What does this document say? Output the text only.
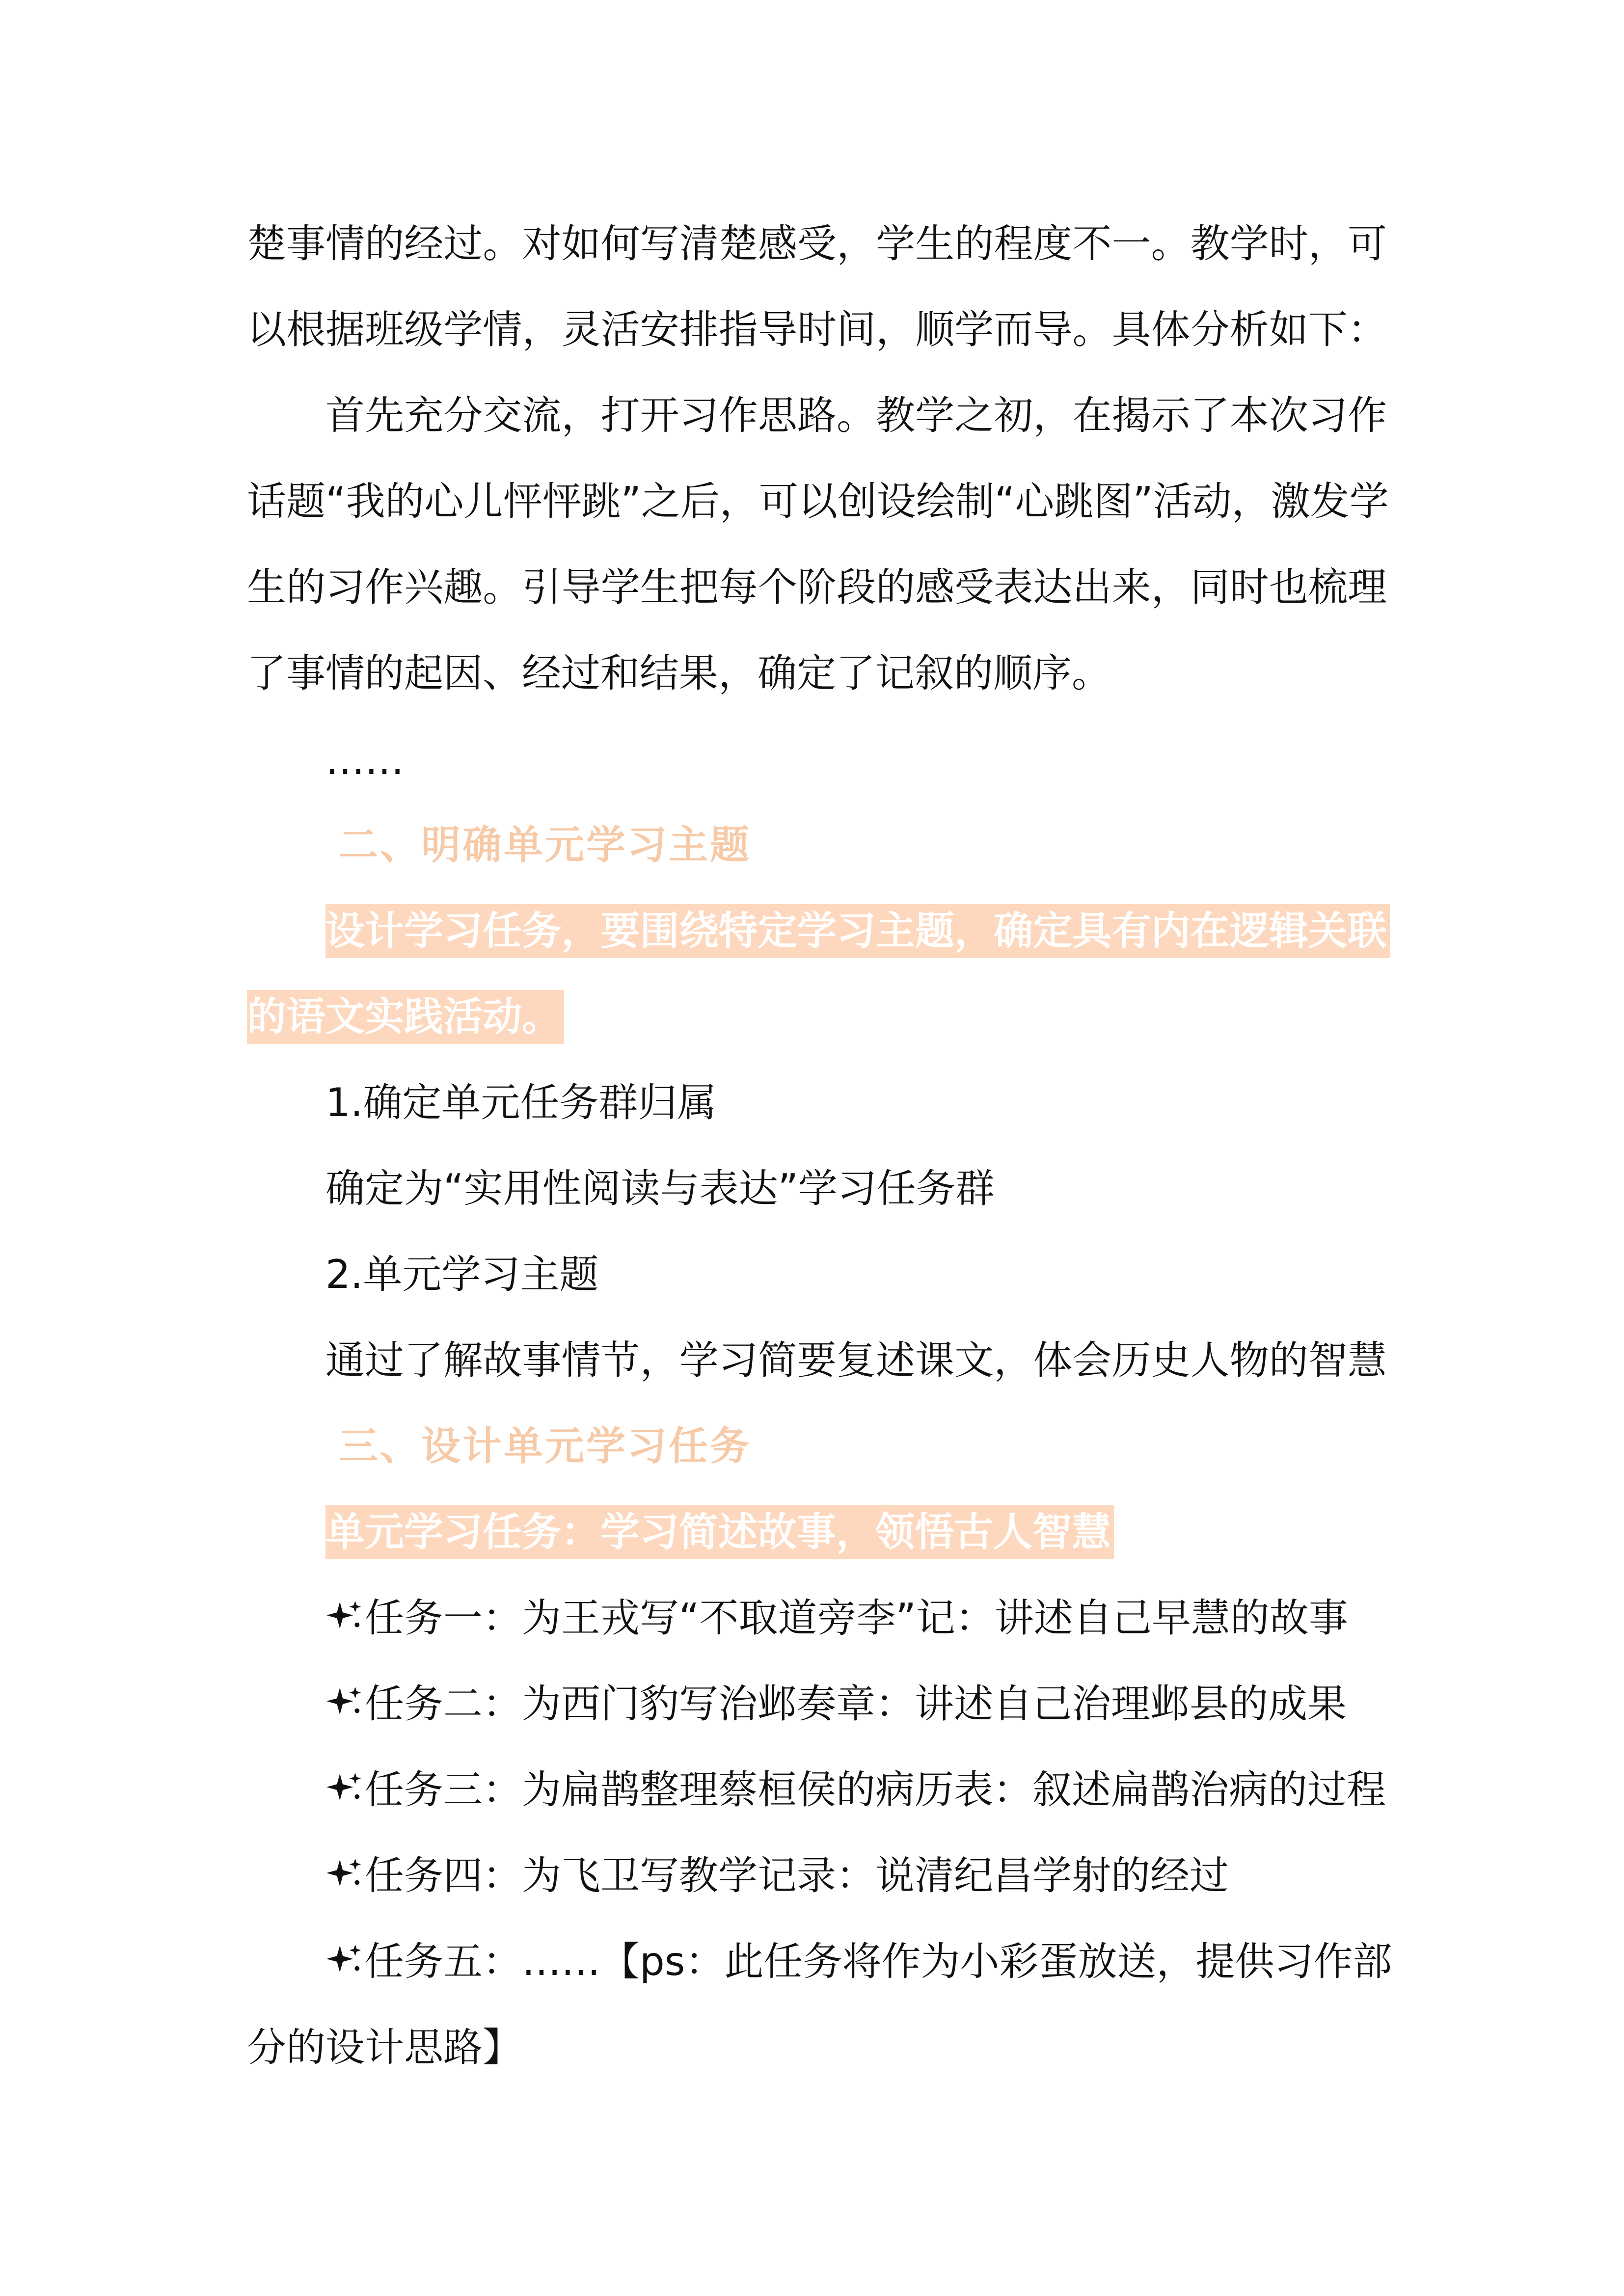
楚事情的经过。对如何写清楚感受，学生的程度不一。教学时，可

以根据班级学情，灵活安排指导时间，顺学而导。具体分析如下：

首先充分交流，打开习作思路。教学之初，在揭示了本次习作

话题“我的心儿怦怦跳”之后，可以创设绘制“心跳图”活动，激发学

生的习作兴趣。引导学生把每个阶段的感受表达出来，同时也梳理

了事情的起因、经过和结果，确定了记叙的顺序。

……

二、明确单元学习主题

设计学习任务，要围绕特定学习主题，确定具有内在逻辑关联

的语文实践活动。

1.确定单元任务群归属

确定为“实用性阅读与表达”学习任务群

2.单元学习主题

通过了解故事情节，学习简要复述课文，体会历史人物的智慧

三、设计单元学习任务

单元学习任务：学习简述故事，领悟古人智慧

任务一：为王戎写“不取道旁李”记：讲述自己早慧的故事

任务二：为西门豹写治邺奏章：讲述自己治理邺县的成果

任务三：为扁鹊整理蔡桓侯的病历表：叙述扁鹊治病的过程

任务四：为飞卫写教学记录：说清纪昌学射的经过

任务五：……【ps：此任务将作为小彩蛋放送，提供习作部

分的设计思路】
